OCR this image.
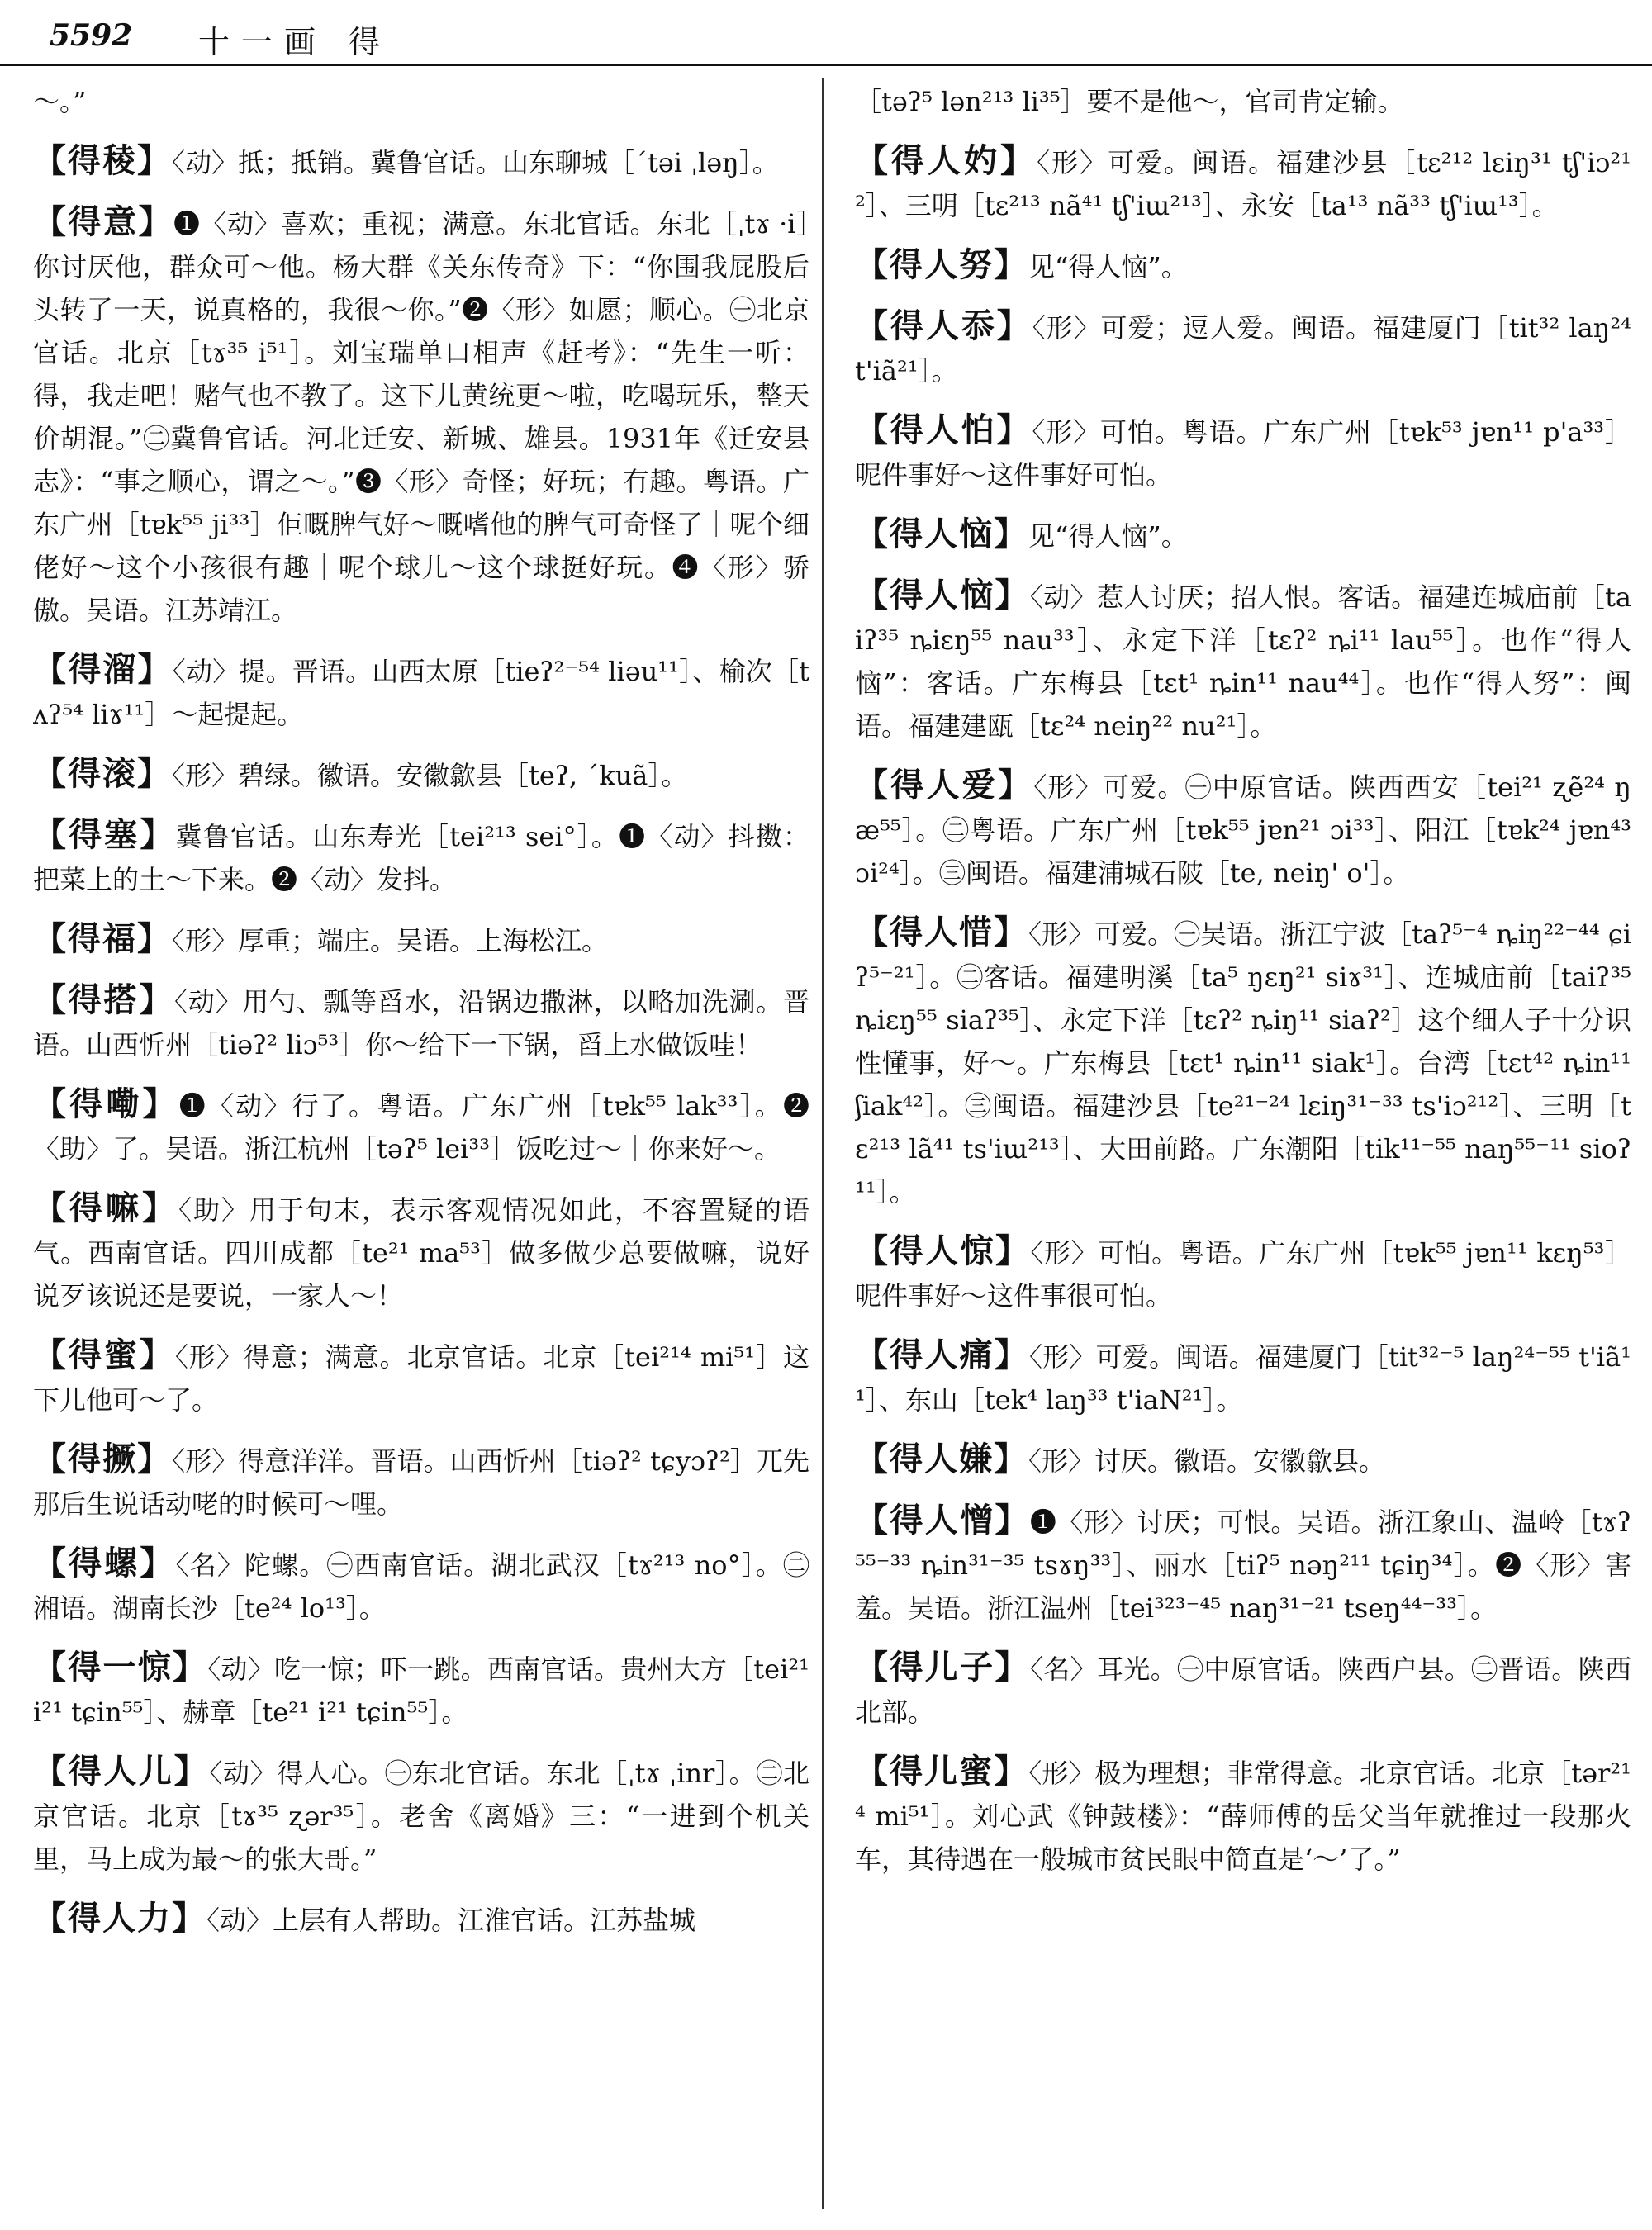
5592 十一画 得

～。”

【得稜】〈动〉抵；抵销。冀鲁官话。山东聊城［ˊtəi ˌləŋ］。

【得意】❶〈动〉喜欢；重视；满意。东北官话。东北［ˌtɤ ·i］你讨厌他，群众可～他。杨大群《关东传奇》下：“你围我屁股后头转了一天，说真格的，我很～你。”❷〈形〉如愿；顺心。㊀北京官话。北京［tɤ³⁵ i⁵¹］。刘宝瑞单口相声《赶考》：“先生一听：得，我走吧！赌气也不教了。这下儿黄统更～啦，吃喝玩乐，整天价胡混。”㊁冀鲁官话。河北迁安、新城、雄县。1931年《迁安县志》：“事之顺心，谓之～。”❸〈形〉奇怪；好玩；有趣。粤语。广东广州［tɐk⁵⁵ ji³³］佢嘅脾气好～嘅嗜他的脾气可奇怪了｜呢个细佬好～这个小孩很有趣｜呢个球儿～这个球挺好玩。❹〈形〉骄傲。吴语。江苏靖江。

【得溜】〈动〉提。晋语。山西太原［tieʔ²⁻⁵⁴ liəu¹¹］、榆次［tʌʔ⁵⁴ liɤ¹¹］～起提起。

【得滚】〈形〉碧绿。徽语。安徽歙县［teʔ, ˊkuã］。

【得塞】冀鲁官话。山东寿光［tei²¹³ sei°］。❶〈动〉抖擞：把菜上的土～下来。❷〈动〉发抖。

【得福】〈形〉厚重；端庄。吴语。上海松江。

【得搭】〈动〉用勺、瓢等舀水，沿锅边撒淋，以略加洗涮。晋语。山西忻州［tiəʔ² liɔ⁵³］你～给下一下锅，舀上水做饭哇！

【得嘞】❶〈动〉行了。粤语。广东广州［tɐk⁵⁵ lak³³］。❷〈助〉了。吴语。浙江杭州［təʔ⁵ lei³³］饭吃过～｜你来好～。

【得嘛】〈助〉用于句末，表示客观情况如此，不容置疑的语气。西南官话。四川成都［te²¹ ma⁵³］做多做少总要做嘛，说好说歹该说还是要说，一家人～！

【得蜜】〈形〉得意；满意。北京官话。北京［tei²¹⁴ mi⁵¹］这下儿他可～了。

【得撅】〈形〉得意洋洋。晋语。山西忻州［tiəʔ² tɕyɔʔ²］兀先那后生说话动咾的时候可～哩。

【得螺】〈名〉陀螺。㊀西南官话。湖北武汉［tɤ²¹³ no°］。㊁湘语。湖南长沙［te²⁴ lo¹³］。

【得一惊】〈动〉吃一惊；吓一跳。西南官话。贵州大方［tei²¹ i²¹ tɕin⁵⁵］、赫章［te²¹ i²¹ tɕin⁵⁵］。

【得人儿】〈动〉得人心。㊀东北官话。东北［ˌtɤ ˌinr］。㊁北京官话。北京［tɤ³⁵ ʐər³⁵］。老舍《离婚》三：“一进到个机关里，马上成为最～的张大哥。”

【得人力】〈动〉上层有人帮助。江淮官话。江苏盐城

［təʔ⁵ lən²¹³ li³⁵］要不是他～，官司肯定输。

【得人妁】〈形〉可爱。闽语。福建沙县［tɛ²¹² lɛiŋ³¹ tʃ'iɔ²¹²］、三明［tɛ²¹³ nã⁴¹ tʃ'iɯ²¹³］、永安［ta¹³ nã³³ tʃ'iɯ¹³］。

【得人努】见“得人恼”。

【得人忝】〈形〉可爱；逗人爱。闽语。福建厦门［tit³² laŋ²⁴ t'iã²¹］。

【得人怕】〈形〉可怕。粤语。广东广州［tɐk⁵³ jɐn¹¹ p'a³³］呢件事好～这件事好可怕。

【得人恼】见“得人恼”。

【得人恼】〈动〉惹人讨厌；招人恨。客话。福建连城庙前［taiʔ³⁵ ȵiɛŋ⁵⁵ nau³³］、永定下洋［tɛʔ² ȵi¹¹ lau⁵⁵］。也作“得人恼”：客话。广东梅县［tɛt¹ ȵin¹¹ nau⁴⁴］。也作“得人努”：闽语。福建建瓯［tɛ²⁴ neiŋ²² nu²¹］。

【得人爱】〈形〉可爱。㊀中原官话。陕西西安［tei²¹ ʐẽ²⁴ ŋæ⁵⁵］。㊁粤语。广东广州［tɐk⁵⁵ jɐn²¹ ɔi³³］、阳江［tɐk²⁴ jɐn⁴³ ɔi²⁴］。㊂闽语。福建浦城石陂［te, neiŋ' o'］。

【得人惜】〈形〉可爱。㊀吴语。浙江宁波［taʔ⁵⁻⁴ ȵiŋ²²⁻⁴⁴ ɕiʔ⁵⁻²¹］。㊁客话。福建明溪［ta⁵ ŋɛŋ²¹ siɤ³¹］、连城庙前［taiʔ³⁵ ȵiɛŋ⁵⁵ siaʔ³⁵］、永定下洋［tɛʔ² ȵiŋ¹¹ siaʔ²］这个细人子十分识性懂事，好～。广东梅县［tɛt¹ ȵin¹¹ siak¹］。台湾［tɛt⁴² ȵin¹¹ ʃiak⁴²］。㊂闽语。福建沙县［te²¹⁻²⁴ lɛiŋ³¹⁻³³ ts'iɔ²¹²］、三明［tɛ²¹³ lã⁴¹ ts'iɯ²¹³］、大田前路。广东潮阳［tik¹¹⁻⁵⁵ naŋ⁵⁵⁻¹¹ sioʔ¹¹］。

【得人惊】〈形〉可怕。粤语。广东广州［tɐk⁵⁵ jɐn¹¹ kɛŋ⁵³］呢件事好～这件事很可怕。

【得人痛】〈形〉可爱。闽语。福建厦门［tit³²⁻⁵ laŋ²⁴⁻⁵⁵ t'iã¹¹］、东山［tek⁴ laŋ³³ t'iaN²¹］。

【得人嫌】〈形〉讨厌。徽语。安徽歙县。

【得人憎】❶〈形〉讨厌；可恨。吴语。浙江象山、温岭［tɤʔ⁵⁵⁻³³ ȵin³¹⁻³⁵ tsɤŋ³³］、丽水［tiʔ⁵ nəŋ²¹¹ tɕiŋ³⁴］。❷〈形〉害羞。吴语。浙江温州［tei³²³⁻⁴⁵ naŋ³¹⁻²¹ tseŋ⁴⁴⁻³³］。

【得儿子】〈名〉耳光。㊀中原官话。陕西户县。㊁晋语。陕西北部。

【得儿蜜】〈形〉极为理想；非常得意。北京官话。北京［tər²¹⁴ mi⁵¹］。刘心武《钟鼓楼》：“薛师傅的岳父当年就推过一段那火车，其待遇在一般城市贫民眼中简直是‘～’了。”
